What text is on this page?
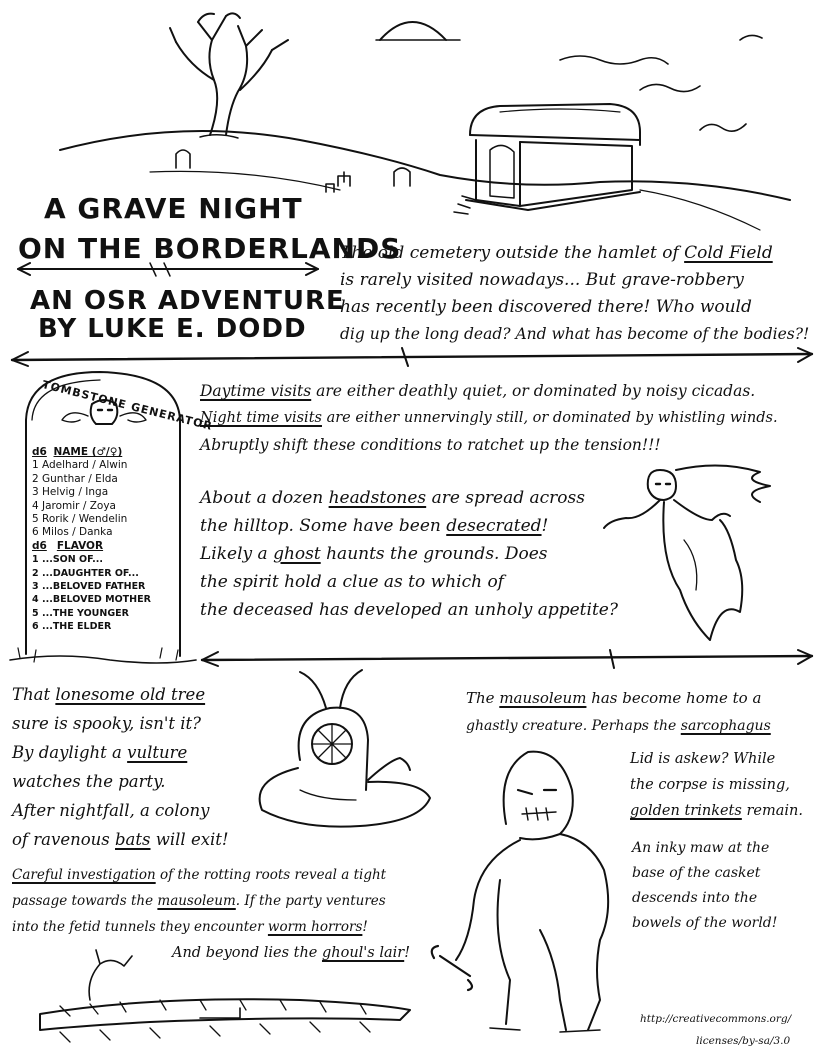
A GRAVE NIGHT
ON THE BORDERLANDS
AN OSR ADVENTURE
BY LUKE E. DODD
The old cemetery outside the hamlet of Cold Field
is rarely visited nowadays... But grave-robbery
has recently been discovered there! Who would
dig up the long dead? And what has become of the bodies?!
TOMBSTONE GENERATOR
d6 NAME (♂/♀)
1 Adelhard / Alwin
2 Gunthar / Elda
3 Helvig / Inga
4 Jaromir / Zoya
5 Rorik / Wendelin
6 Milos / Danka
d6 FLAVOR
1 ...SON OF...
2 ...DAUGHTER OF...
3 ...BELOVED FATHER
4 ...BELOVED MOTHER
5 ...THE YOUNGER
6 ...THE ELDER
Daytime visits are either deathly quiet, or dominated by noisy cicadas.
Night time visits are either unnervingly still, or dominated by whistling winds.
Abruptly shift these conditions to ratchet up the tension!!!
About a dozen headstones are spread across
the hilltop. Some have been desecrated!
Likely a ghost haunts the grounds. Does
the spirit hold a clue as to which of
the deceased has developed an unholy appetite?
That lonesome old tree
sure is spooky, isn't it?
By daylight a vulture
watches the party.
After nightfall, a colony
of ravenous bats will exit!
Careful investigation of the rotting roots reveal a tight
passage towards the mausoleum. If the party ventures
into the fetid tunnels they encounter worm horrors!
And beyond lies the ghoul's lair!
The mausoleum has become home to a
ghastly creature. Perhaps the sarcophagus
Lid is askew? While
the corpse is missing,
golden trinkets remain.
An inky maw at the
base of the casket
descends into the
bowels of the world!
http://creativecommons.org/
licenses/by-sa/3.0
